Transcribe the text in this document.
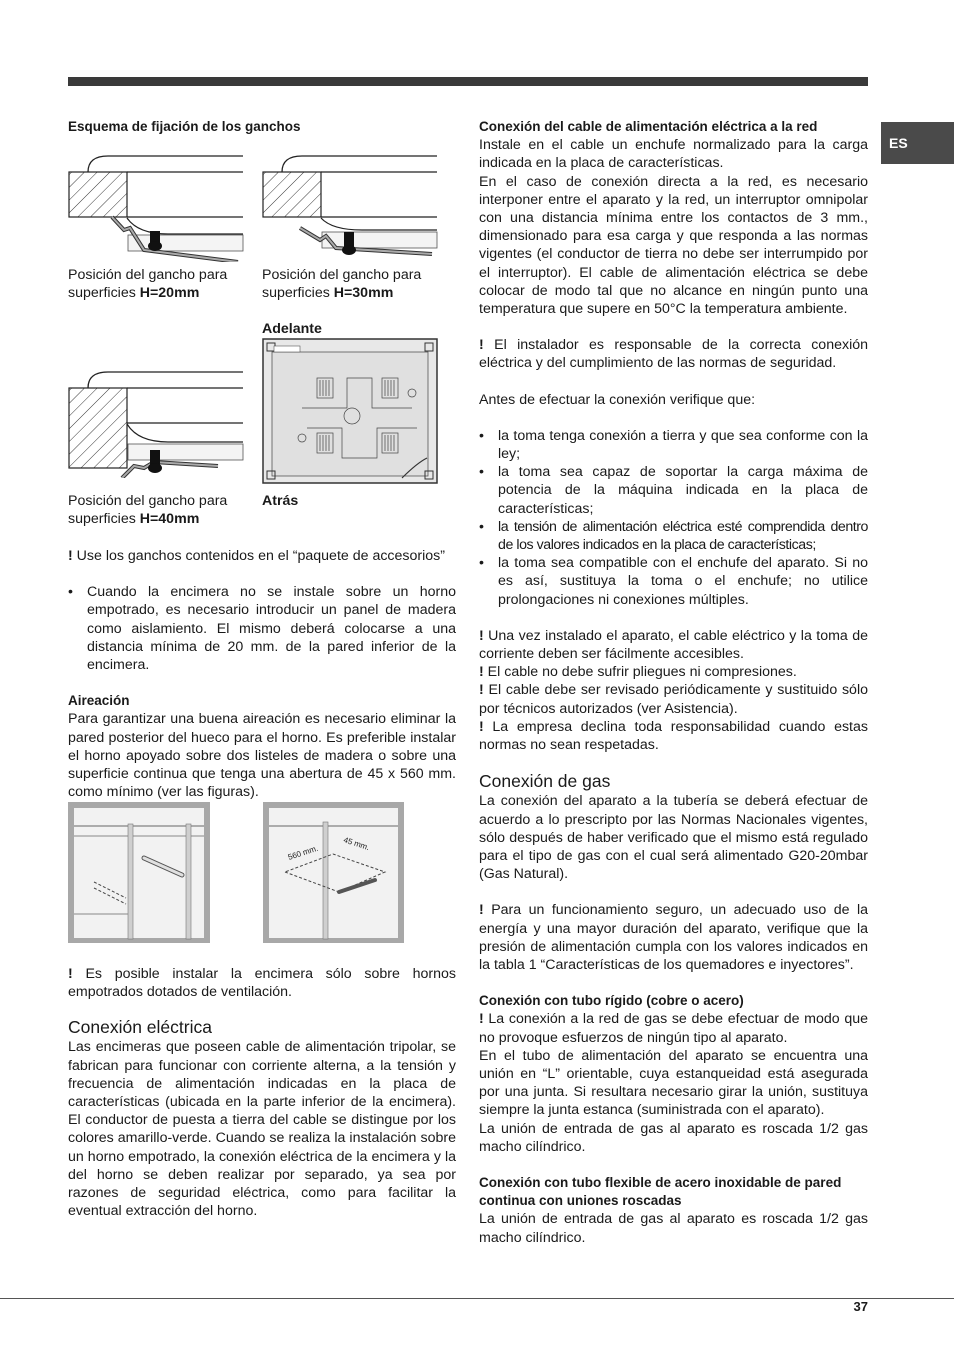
ES

Esquema de fijación de los ganchos

Posición del gancho para superficies H=20mm
Posición del gancho para superficies H=30mm
Adelante
Posición del gancho para superficies H=40mm
Atrás

! Use los ganchos contenidos en el “paquete de accesorios”

• Cuando la encimera no se instale sobre un horno empotrado, es necesario introducir un panel de madera como aislamiento. El mismo deberá colocarse a una distancia mínima de 20 mm. de la pared inferior de la encimera.

Aireación

Para garantizar una buena aireación es necesario eliminar la pared posterior del hueco para el horno. Es preferible instalar el horno apoyado sobre dos listeles de madera o sobre una superficie continua que tenga una abertura de 45 x 560 mm. como mínimo (ver las figuras).

560 mm.	45 mm.

! Es posible instalar la encimera sólo sobre hornos empotrados dotados de ventilación.

Conexión eléctrica

Las encimeras que poseen cable de alimentación tripolar, se fabrican para funcionar con corriente alterna, a la tensión y frecuencia de alimentación indicadas en la placa de características (ubicada en la parte inferior de la encimera). El conductor de puesta a tierra del cable se distingue por los colores amarillo-verde. Cuando se realiza la instalación sobre un horno empotrado, la conexión eléctrica de la encimera y la del horno se deben realizar por separado, ya sea por razones de seguridad eléctrica, como para facilitar la eventual extracción del horno.

Conexión del cable de alimentación eléctrica a la red

Instale en el cable un enchufe normalizado para la carga indicada en la placa de características.

En el caso de conexión directa a la red, es necesario interponer entre el aparato y la red, un interruptor omnipolar con una distancia mínima entre los contactos de 3 mm., dimensionado para esa carga y que responda a las normas vigentes (el conductor de tierra no debe ser interrumpido por el interruptor). El cable de alimentación eléctrica se debe colocar de modo tal que no alcance en ningún punto una temperatura que supere en 50°C la temperatura ambiente.

! El instalador es responsable de la correcta conexión eléctrica y del cumplimiento de las normas de seguridad.

Antes de efectuar la conexión verifique que:

• la toma tenga conexión a tierra y que sea conforme con la ley;
• la toma sea capaz de soportar la carga máxima de potencia de la máquina indicada en la placa de características;
• la tensión de alimentación eléctrica esté comprendida dentro de los valores indicados en la placa de características;
• la toma sea compatible con el enchufe del aparato. Si no es así, sustituya la toma o el enchufe; no utilice prolongaciones ni conexiones múltiples.

! Una vez instalado el aparato, el cable eléctrico y la toma de corriente deben ser fácilmente accesibles.

! El cable no debe sufrir pliegues ni compresiones.

! El cable debe ser revisado periódicamente y sustituido sólo por técnicos autorizados (ver Asistencia).

! La empresa declina toda responsabilidad cuando estas normas no sean respetadas.

Conexión de gas

La conexión del aparato a la tubería se deberá efectuar de acuerdo a lo prescripto por las Normas Nacionales vigentes, sólo después de haber verificado que el mismo está regulado para el tipo de gas con el cual será alimentado G20-20mbar (Gas Natural).

! Para un funcionamiento seguro, un adecuado uso de la energía y una mayor duración del aparato, verifique que la presión de alimentación cumpla con los valores indicados en la tabla 1 “Características de los quemadores e inyectores”.

Conexión con tubo rígido (cobre o acero)

! La conexión a la red de gas se debe efectuar de modo que no provoque esfuerzos de ningún tipo al aparato.

En el tubo de alimentación del aparato se encuentra una unión en “L” orientable, cuya estanqueidad está asegurada por una junta. Si resultara necesario girar la unión, sustituya siempre la junta estanca (suministrada con el aparato).

La unión de entrada de gas al aparato es roscada 1/2 gas macho cilíndrico.

Conexión con tubo flexible de acero inoxidable de pared continua con uniones roscadas

La unión de entrada de gas al aparato es roscada 1/2 gas macho cilíndrico.

37
